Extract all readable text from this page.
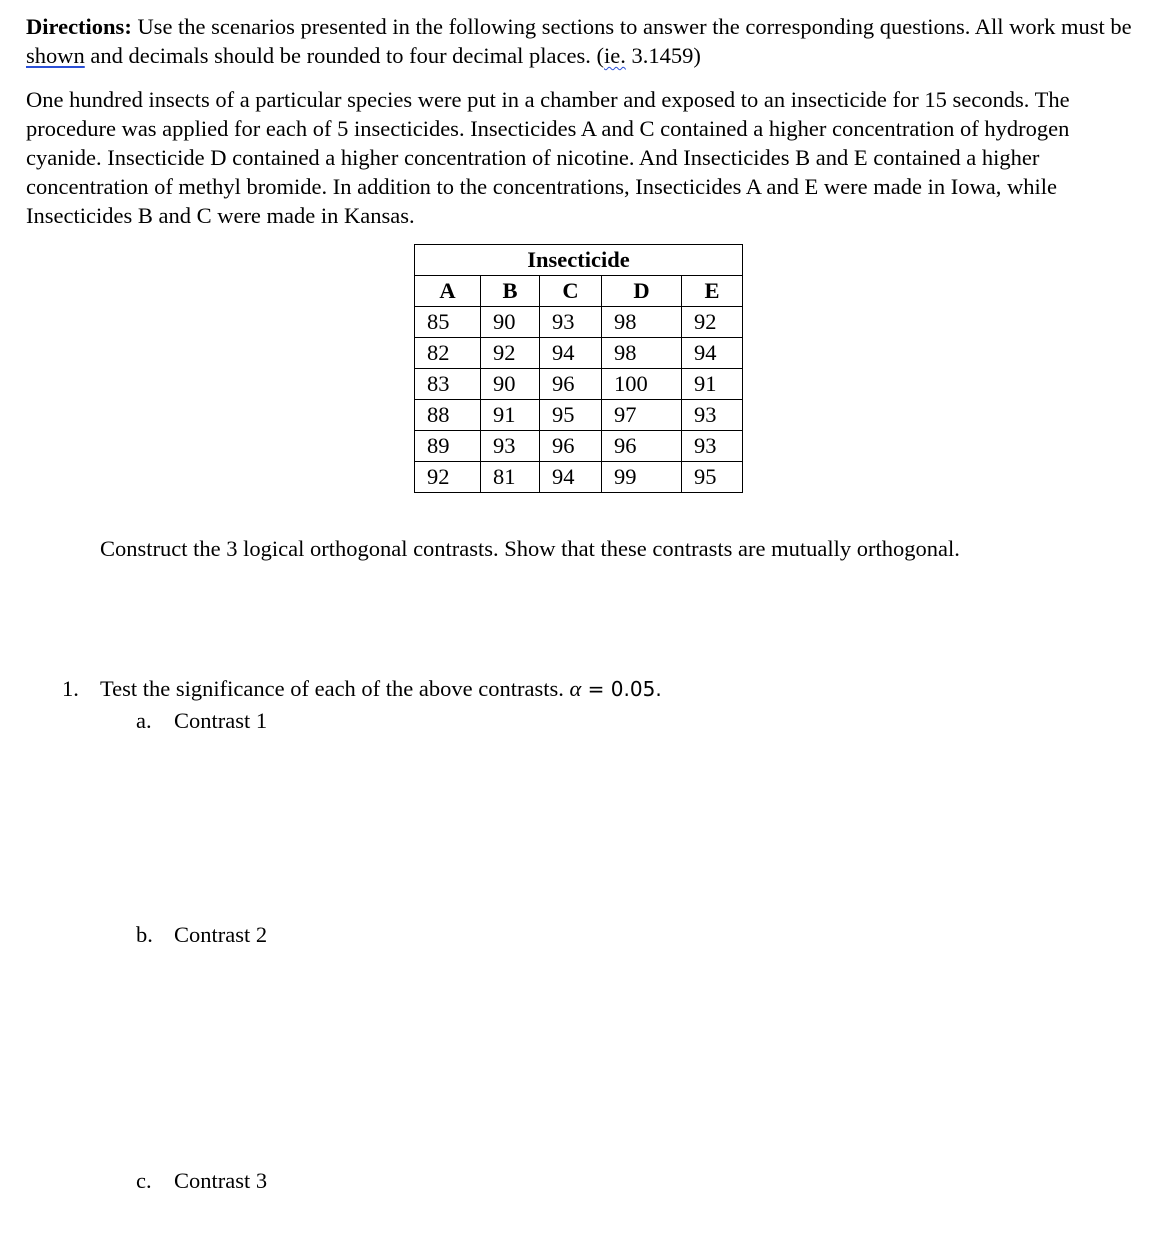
Directions: Use the scenarios presented in the following sections to answer the corresponding questions. All work must be shown and decimals should be rounded to four decimal places. (ie. 3.1459)
One hundred insects of a particular species were put in a chamber and exposed to an insecticide for 15 seconds. The procedure was applied for each of 5 insecticides. Insecticides A and C contained a higher concentration of hydrogen cyanide. Insecticide D contained a higher concentration of nicotine. And Insecticides B and E contained a higher concentration of methyl bromide. In addition to the concentrations, Insecticides A and E were made in Iowa, while Insecticides B and C were made in Kansas.
Insecticide				
A	B	C	D	E
85	90	93	98	92
82	92	94	98	94
83	90	96	100	91
88	91	95	97	93
89	93	96	96	93
92	81	94	99	95
Construct the 3 logical orthogonal contrasts. Show that these contrasts are mutually orthogonal.
1. Test the significance of each of the above contrasts. α = 0.05.
a. Contrast 1
b. Contrast 2
c. Contrast 3
